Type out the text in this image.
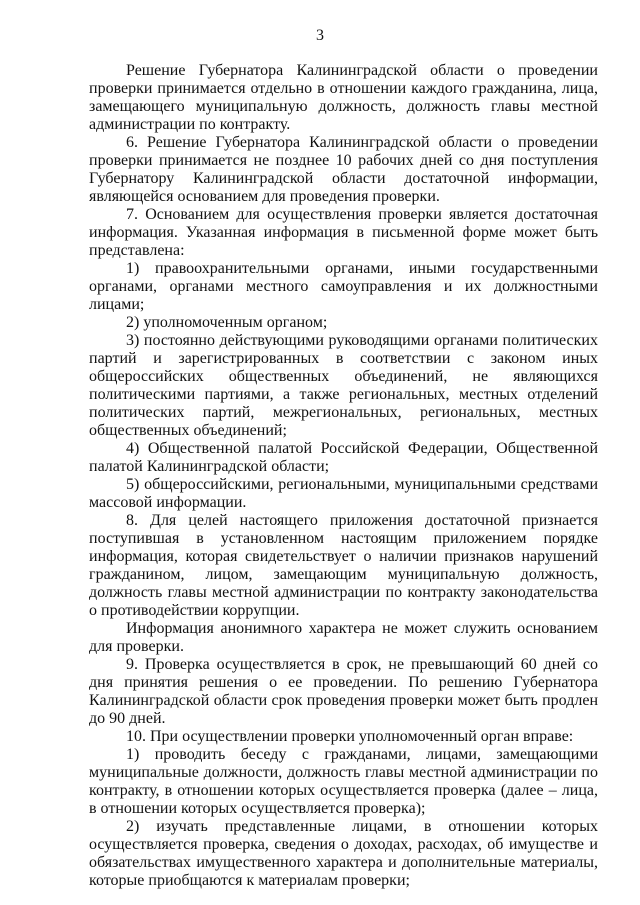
3

Решение Губернатора Калининградской области о проведении проверки принимается отдельно в отношении каждого гражданина, лица, замещающего муниципальную должность, должность главы местной администрации по контракту.

6. Решение Губернатора Калининградской области о проведении проверки принимается не позднее 10 рабочих дней со дня поступления Губернатору Калининградской области достаточной информации, являющейся основанием для проведения проверки.

7. Основанием для осуществления проверки является достаточная информация. Указанная информация в письменной форме может быть представлена:

1) правоохранительными органами, иными государственными органами, органами местного самоуправления и их должностными лицами;

2) уполномоченным органом;

3) постоянно действующими руководящими органами политических партий и зарегистрированных в соответствии с законом иных общероссийских общественных объединений, не являющихся политическими партиями, а также региональных, местных отделений политических партий, межрегиональных, региональных, местных общественных объединений;

4) Общественной палатой Российской Федерации, Общественной палатой Калининградской области;

5) общероссийскими, региональными, муниципальными средствами массовой информации.

8. Для целей настоящего приложения достаточной признается поступившая в установленном настоящим приложением порядке информация, которая свидетельствует о наличии признаков нарушений гражданином, лицом, замещающим муниципальную должность, должность главы местной администрации по контракту законодательства о противодействии коррупции.

Информация анонимного характера не может служить основанием для проверки.

9. Проверка осуществляется в срок, не превышающий 60 дней со дня принятия решения о ее проведении. По решению Губернатора Калининградской области срок проведения проверки может быть продлен до 90 дней.

10. При осуществлении проверки уполномоченный орган вправе:

1) проводить беседу с гражданами, лицами, замещающими муниципальные должности, должность главы местной администрации по контракту, в отношении которых осуществляется проверка (далее – лица, в отношении которых осуществляется проверка);

2) изучать представленные лицами, в отношении которых осуществляется проверка, сведения о доходах, расходах, об имуществе и обязательствах имущественного характера и дополнительные материалы, которые приобщаются к материалам проверки;
